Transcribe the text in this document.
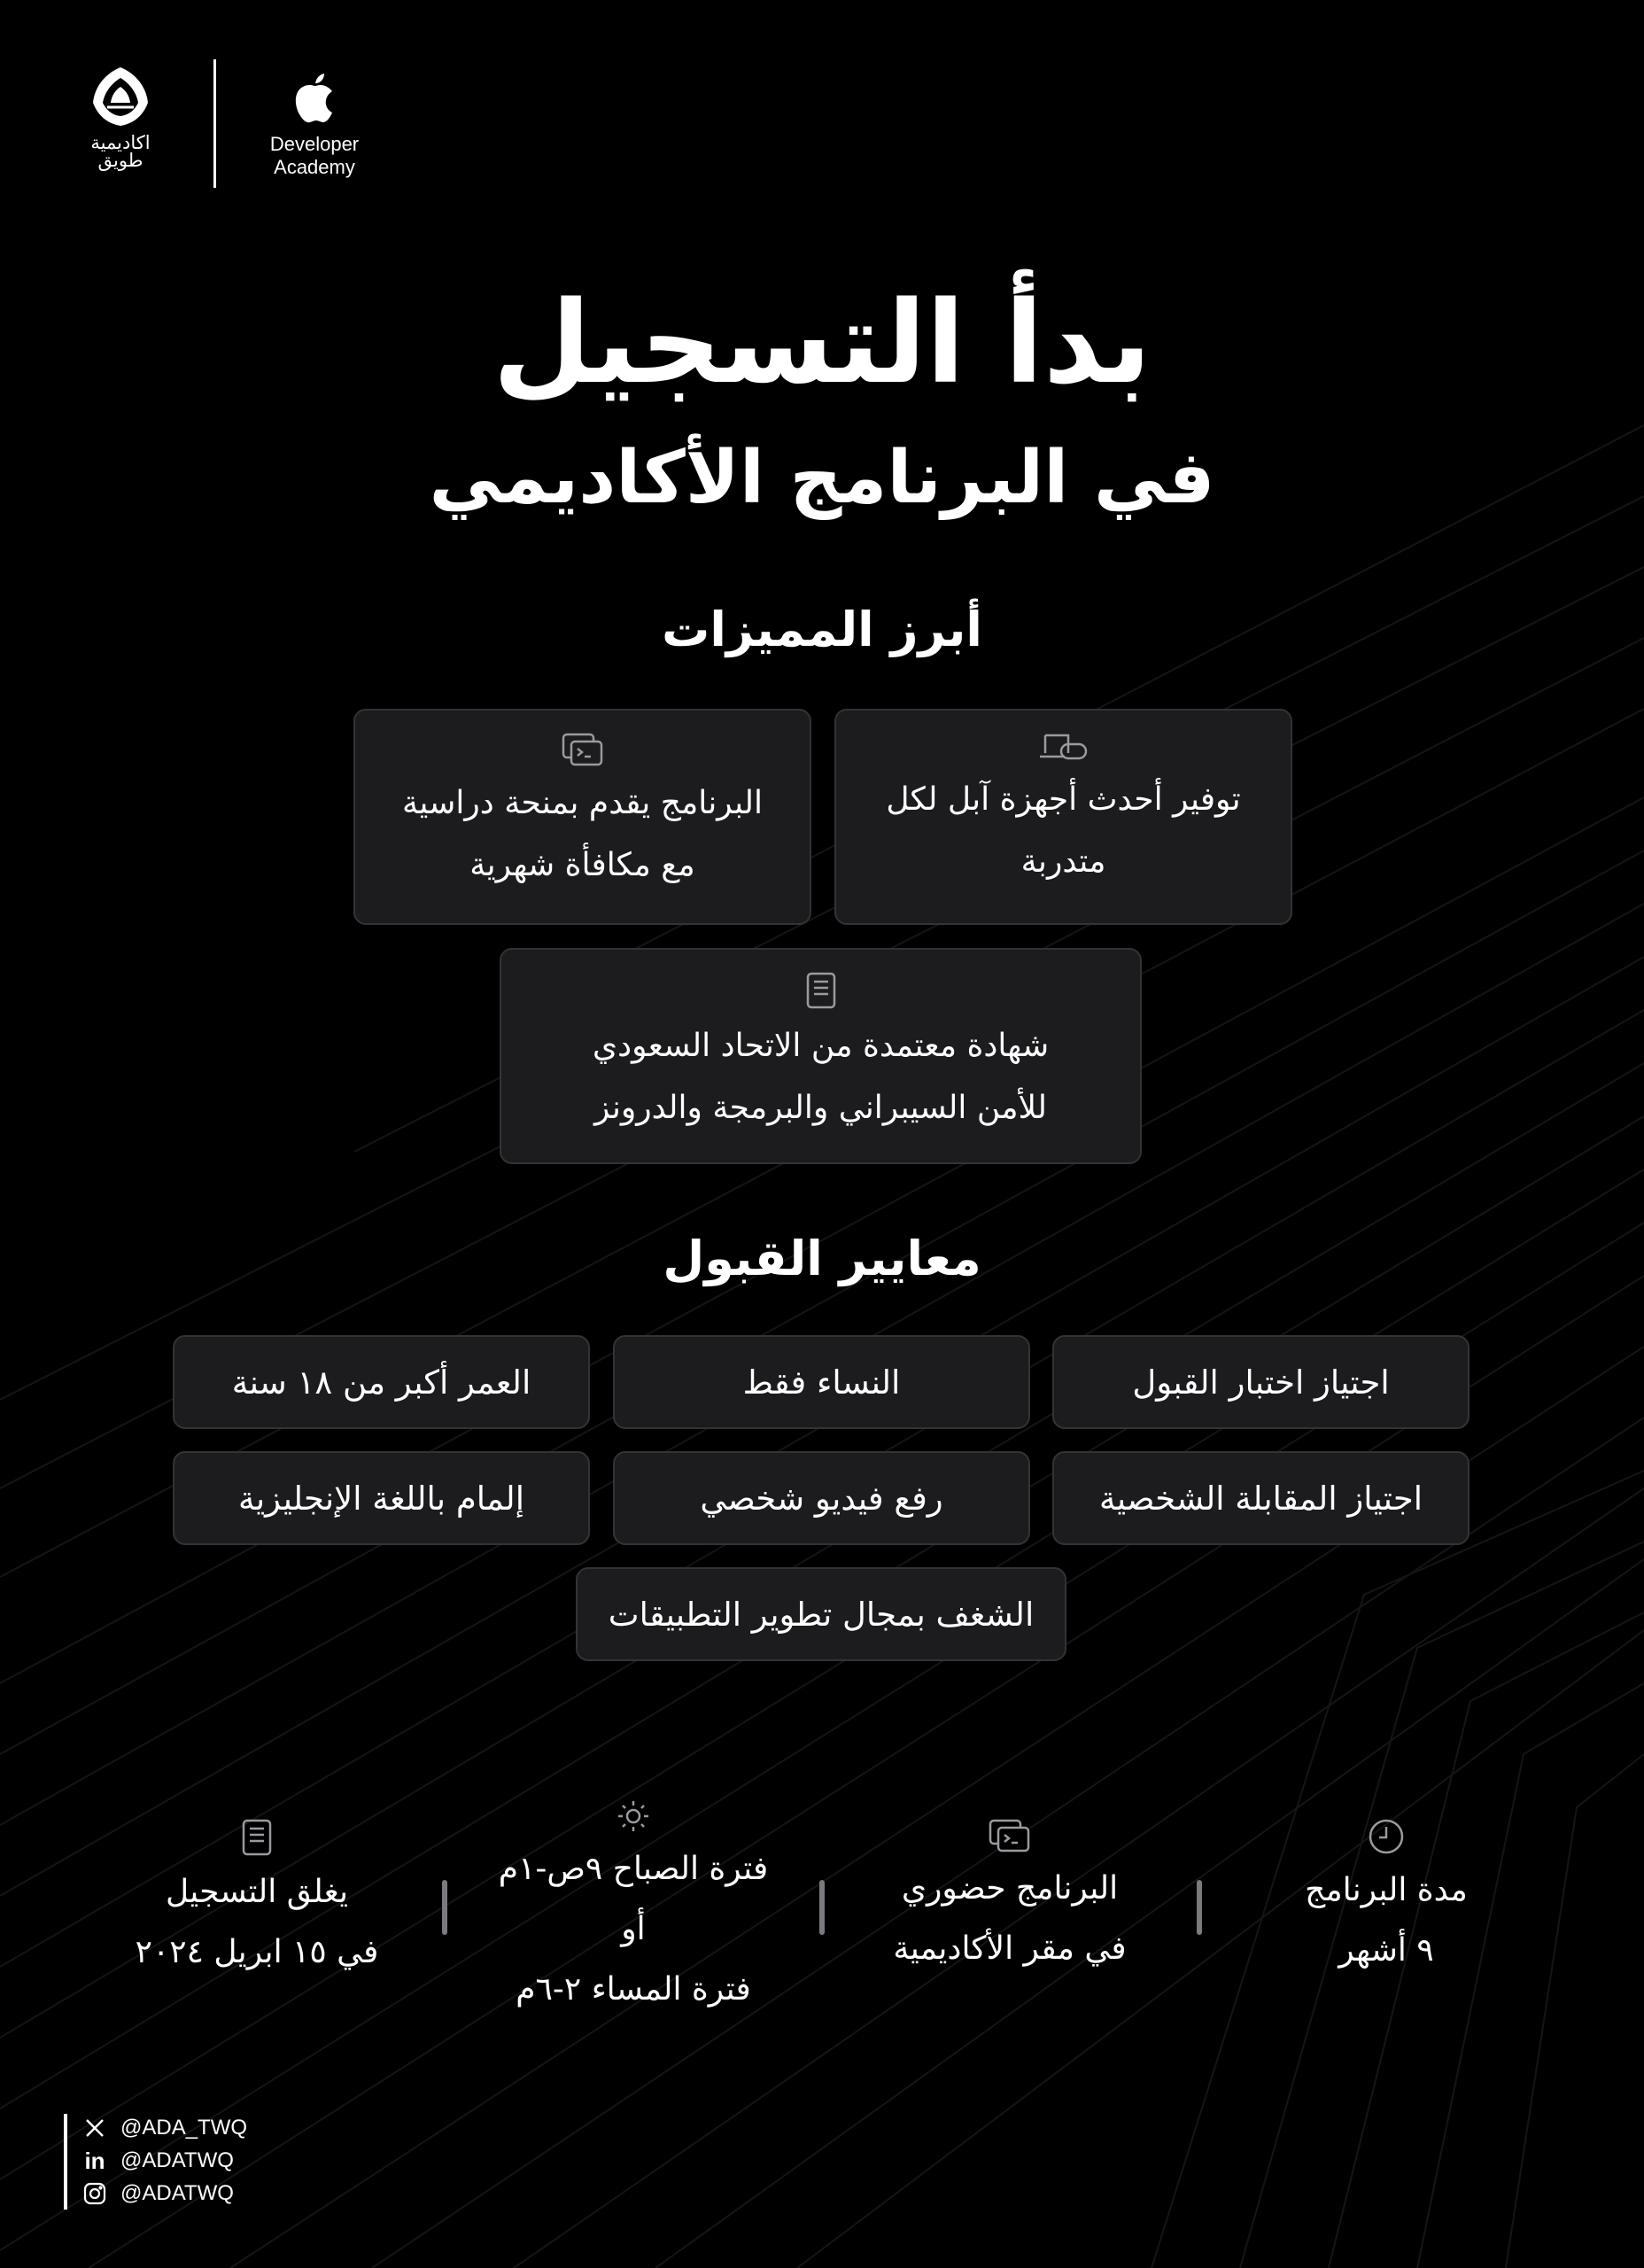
اكاديمية
طويق
Developer
Academy
بدأ التسجيل
في البرنامج الأكاديمي
أبرز المميزات
توفير أحدث أجهزة آبل لكل
متدربة
البرنامج يقدم بمنحة دراسية
مع مكافأة شهرية
شهادة معتمدة من الاتحاد السعودي
للأمن السيبراني والبرمجة والدرونز
معايير القبول
اجتياز اختبار القبول
النساء فقط
العمر أكبر من ١٨ سنة
اجتياز المقابلة الشخصية
رفع فيديو شخصي
إلمام باللغة الإنجليزية
الشغف بمجال تطوير التطبيقات
مدة البرنامج
٩ أشهر
البرنامج حضوري
في مقر الأكاديمية
فترة الصباح ٩ص-١م
أو
فترة المساء ٢-٦م
يغلق التسجيل
في ١٥ ابريل ٢٠٢٤
@ADA_TWQ
in @ADATWQ
@ADATWQ
